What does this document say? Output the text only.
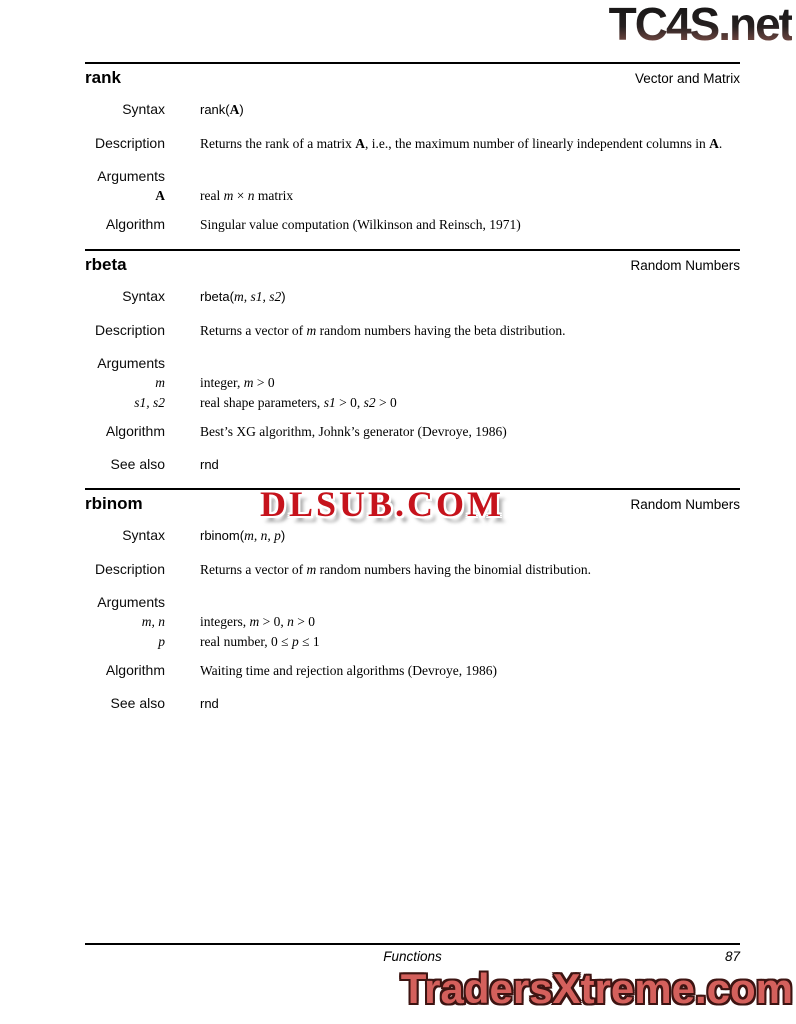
rank	Vector and Matrix
Syntax	rank(A)
Description	Returns the rank of a matrix A, i.e., the maximum number of linearly independent columns in A.
Arguments
A	real m × n matrix
Algorithm	Singular value computation (Wilkinson and Reinsch, 1971)
rbeta	Random Numbers
Syntax	rbeta(m, s1, s2)
Description	Returns a vector of m random numbers having the beta distribution.
Arguments
m	integer, m > 0
s1, s2	real shape parameters, s1 > 0, s2 > 0
Algorithm	Best’s XG algorithm, Johnk’s generator (Devroye, 1986)
See also	rnd
rbinom	Random Numbers
Syntax	rbinom(m, n, p)
Description	Returns a vector of m random numbers having the binomial distribution.
Arguments
m, n	integers, m > 0, n > 0
p	real number, 0 ≤ p ≤ 1
Algorithm	Waiting time and rejection algorithms (Devroye, 1986)
See also	rnd
Functions	87
TC4S.net
DLSUB.COM
TradersXtreme.com
